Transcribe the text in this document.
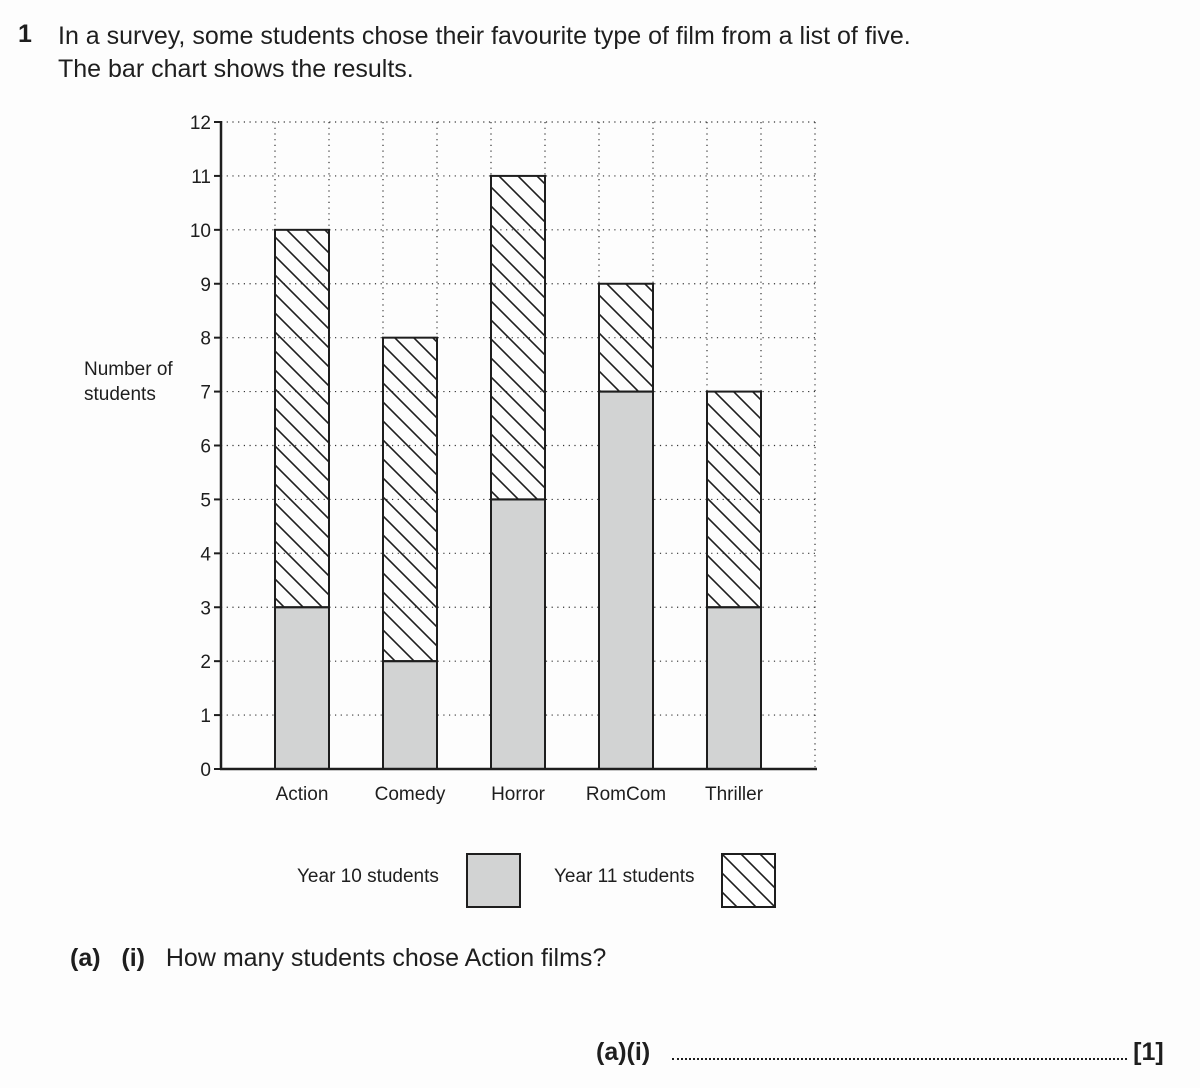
1 In a survey, some students chose their favourite type of film from a list of five.
The bar chart shows the results.
Number of
students
Action Comedy Horror RomCom Thriller
0
1
2
3
4
5
6
7
8
9
10
11
12
Year 10 students	Year 11 students
(a) (i) How many students chose Action films?
(a)(i)	[1]
